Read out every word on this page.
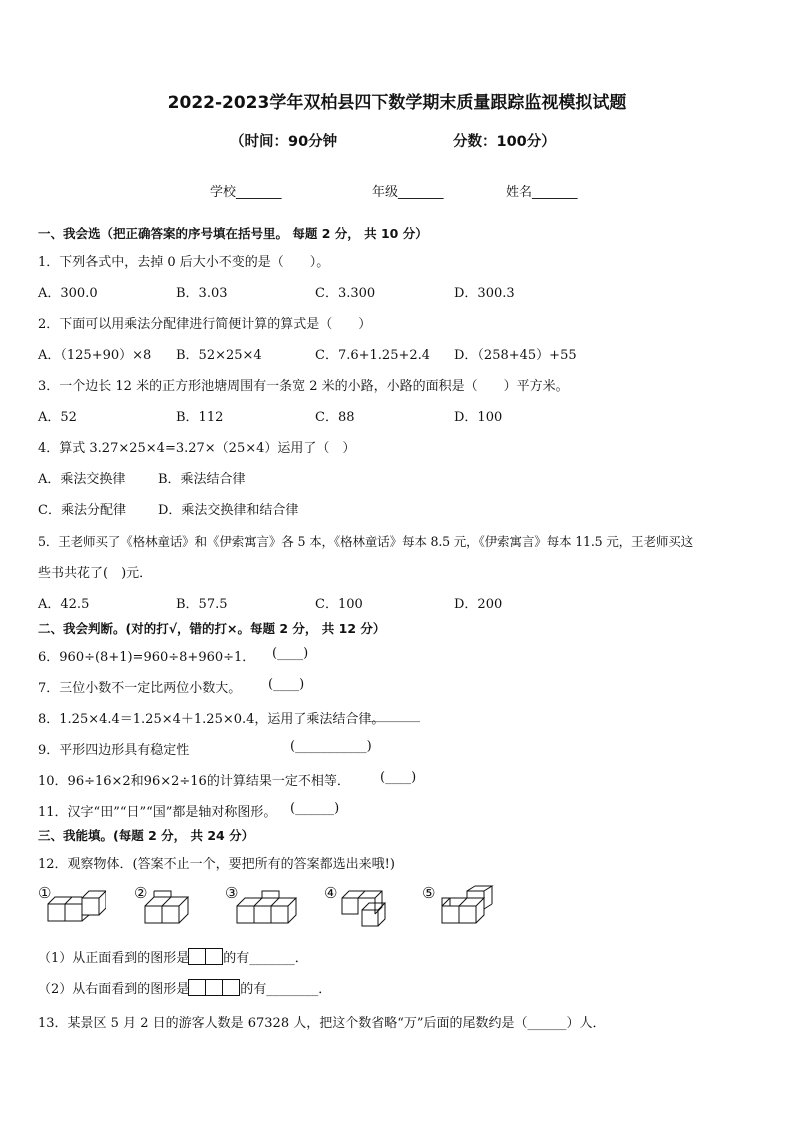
2022-2023学年双柏县四下数学期末质量跟踪监视模拟试题
（时间：90分钟	分数：100分）
学校_______	年级_______	姓名_______
一、我会选（把正确答案的序号填在括号里。 每题 2 分， 共 10 分）
1．下列各式中，去掉 0 后大小不变的是（　　）。
A．300.0	B．3.03	C．3.300	D．300.3
2．下面可以用乘法分配律进行简便计算的算式是（　　）
A．（125+90）×8 B．52×25×4	C．7.6+1.25+2.4 D．（258+45）+55
3．一个边长 12 米的正方形池塘周围有一条宽 2 米的小路，小路的面积是（　　）平方米。
A．52	B．112	C．88	D．100
4．算式 3.27×25×4=3.27×（25×4）运用了（　）
A．乘法交换律	B．乘法结合律
C．乘法分配律 D．乘法交换律和结合律
5．王老师买了《格林童话》和《伊索寓言》各 5 本，《格林童话》每本 8.5 元，《伊索寓言》每本 11.5 元，王老师买这
些书共花了(　)元．
A．42.5	B．57.5	C．100	D．200
二、我会判断。(对的打√，错的打×。每题 2 分， 共 12 分）
6．960÷(8+1)=960÷8+960÷1． (____)
7．三位小数不一定比两位小数大。 (____)
8．1.25×4.4＝1.25×4＋1.25×0.4，运用了乘法结合律。
________
9．平形四边形具有稳定性	(___________)
10．96÷16×2和96×2÷16的计算结果一定不相等． (____)
11．汉字“田”“日”“国”都是轴对称图形。 (______)
三、我能填。(每题 2 分， 共 24 分）
12．观察物体．(答案不止一个，要把所有的答案都选出来哦!)
①	②	③	④	⑤
（1）从正面看到的图形是	的有_______．
（2）从右面看到的图形是	的有________．
13．某景区 5 月 2 日的游客人数是 67328 人，把这个数省略“万”后面的尾数约是（______）人．
